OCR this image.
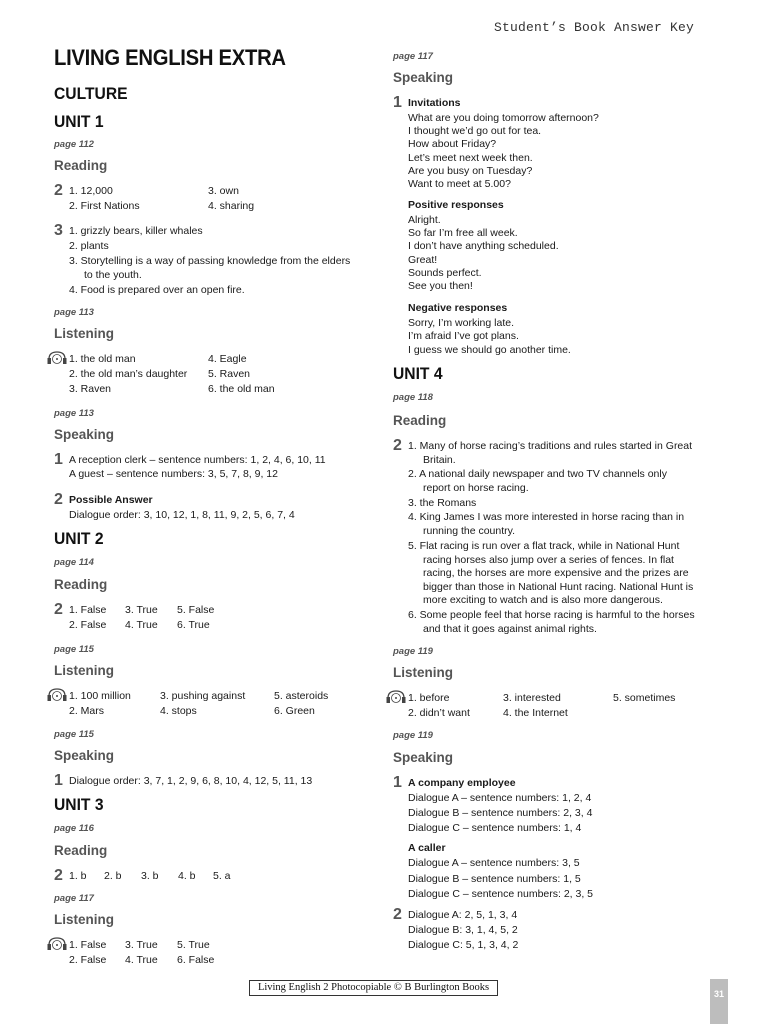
Student’s Book Answer Key
LIVING ENGLISH EXTRA
CULTURE
UNIT 1
page 112
Reading
2 1. 12,000
2. First Nations
3. own
4. sharing
3 1. grizzly bears, killer whales
2. plants
3. Storytelling is a way of passing knowledge from the elders
to the youth.
4. Food is prepared over an open fire.
page 113
Listening
1. the old man
2. the old man’s daughter
3. Raven
4. Eagle
5. Raven
6. the old man
page 113
Speaking
1 A reception clerk – sentence numbers: 1, 2, 4, 6, 10, 11
A guest – sentence numbers: 3, 5, 7, 8, 9, 12
2 Possible Answer
Dialogue order: 3, 10, 12, 1, 8, 11, 9, 2, 5, 6, 7, 4
UNIT 2
page 114
Reading
2 1. False
2. False
3. True
4. True
5. False
6. True
page 115
Listening
1. 100 million
2. Mars
3. pushing against
4. stops
5. asteroids
6. Green
page 115
Speaking
1 Dialogue order: 3, 7, 1, 2, 9, 6, 8, 10, 4, 12, 5, 11, 13
UNIT 3
page 116
Reading
2 1. b 2. b 3. b 4. b 5. a
page 117
Listening
1. False
2. False
3. True
4. True
5. True
6. False
page 117
Speaking
1 Invitations
What are you doing tomorrow afternoon?
I thought we’d go out for tea.
How about Friday?
Let’s meet next week then.
Are you busy on Tuesday?
Want to meet at 5.00?
Positive responses
Alright.
So far I’m free all week.
I don’t have anything scheduled.
Great!
Sounds perfect.
See you then!
Negative responses
Sorry, I’m working late.
I’m afraid I’ve got plans.
I guess we should go another time.
UNIT 4
page 118
Reading
2 1. Many of horse racing’s traditions and rules started in Great
Britain.
2. A national daily newspaper and two TV channels only
report on horse racing.
3. the Romans
4. King James I was more interested in horse racing than in
running the country.
5. Flat racing is run over a flat track, while in National Hunt
racing horses also jump over a series of fences. In flat
racing, the horses are more expensive and the prizes are
bigger than those in National Hunt racing. National Hunt is
more exciting to watch and is also more dangerous.
6. Some people feel that horse racing is harmful to the horses
and that it goes against animal rights.
page 119
Listening
1. before
2. didn’t want
3. interested
4. the Internet
5. sometimes
page 119
Speaking
1 A company employee
Dialogue A – sentence numbers: 1, 2, 4
Dialogue B – sentence numbers: 2, 3, 4
Dialogue C – sentence numbers: 1, 4
A caller
Dialogue A – sentence numbers: 3, 5
Dialogue B – sentence numbers: 1, 5
Dialogue C – sentence numbers: 2, 3, 5
2 Dialogue A: 2, 5, 1, 3, 4
Dialogue B: 3, 1, 4, 5, 2
Dialogue C: 5, 1, 3, 4, 2
Living English 2 Photocopiable © B Burlington Books
31
